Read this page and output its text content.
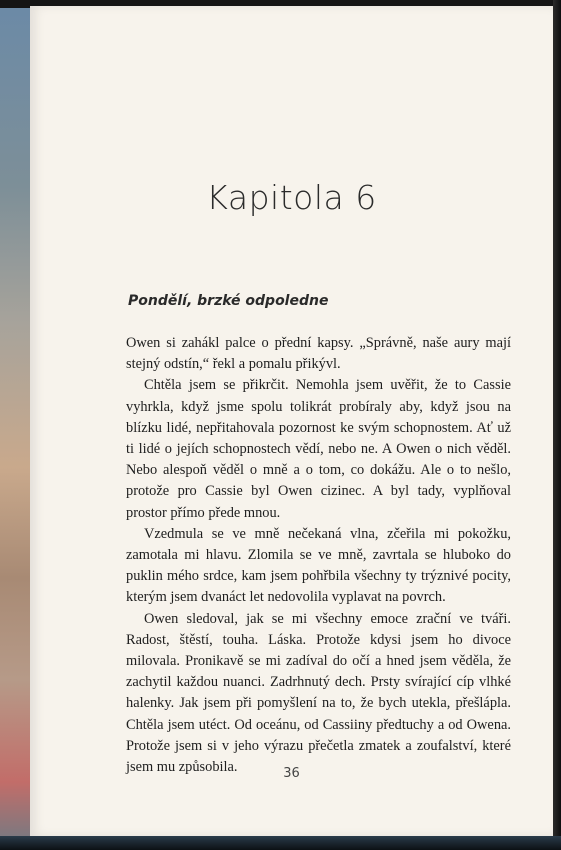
Kapitola 6
Pondělí, brzké odpoledne

Owen si zahákl palce o přední kapsy. „Správně, naše aury mají stejný odstín,“ řekl a pomalu přikývl.

Chtěla jsem se přikrčit. Nemohla jsem uvěřit, že to Cassie vyhrkla, když jsme spolu tolikrát probíraly aby, když jsou na blízku lidé, nepřitahovala pozornost ke svým schopnostem. Ať už ti lidé o jejích schopnostech vědí, nebo ne. A Owen o nich věděl. Nebo alespoň věděl o mně a o tom, co dokážu. Ale o to nešlo, protože pro Cassie byl Owen cizinec. A byl tady, vyplňoval prostor přímo přede mnou.

Vzedmula se ve mně nečekaná vlna, zčeřila mi pokožku, zamotala mi hlavu. Zlomila se ve mně, zavrtala se hluboko do puklin mého srdce, kam jsem pohřbila všechny ty trýznivé pocity, kterým jsem dvanáct let nedovolila vyplavat na povrch.

Owen sledoval, jak se mi všechny emoce zrační ve tváři. Radost, štěstí, touha. Láska. Protože kdysi jsem ho divoce milovala. Pronikavě se mi zadíval do očí a hned jsem věděla, že zachytil každou nuanci. Zadrhnutý dech. Prsty svírající cíp vlhké halenky. Jak jsem při pomyšlení na to, že bych utekla, přešlápla. Chtěla jsem utéct. Od oceánu, od Cassiiny předtuchy a od Owena. Protože jsem si v jeho výrazu přečetla zmatek a zoufalství, které jsem mu způsobila.	36
